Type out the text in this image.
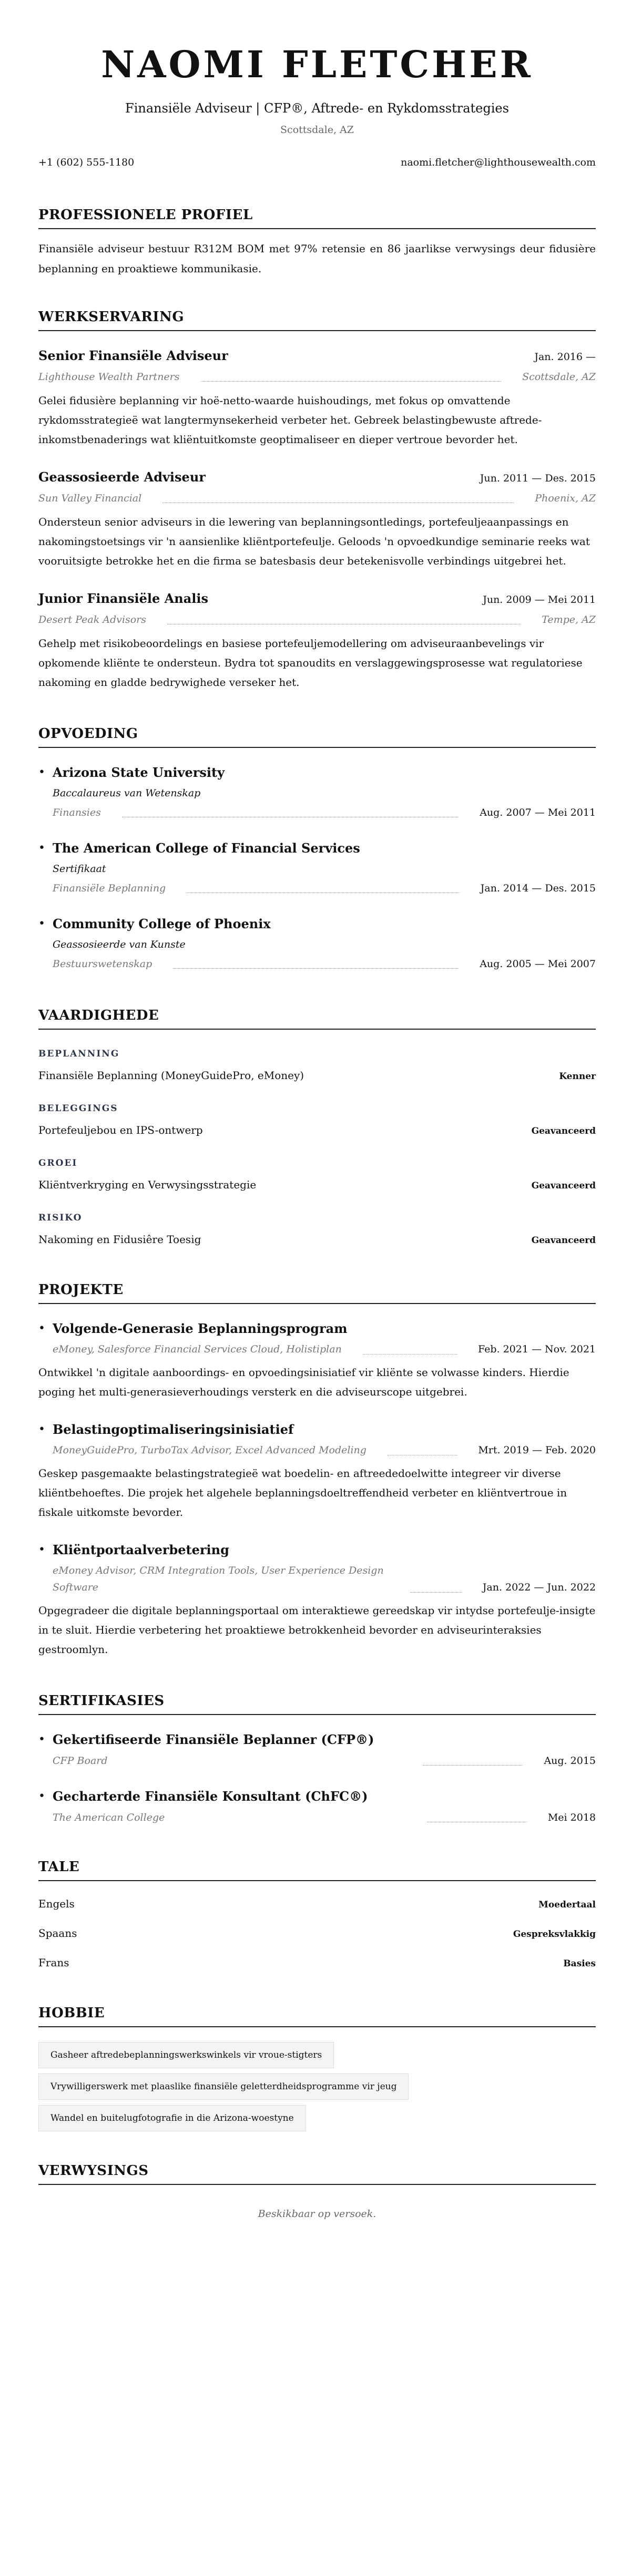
NAOMI FLETCHER
Finansiële Adviseur | CFP®, Aftrede- en Rykdomsstrategies
Scottsdale, AZ
+1 (602) 555-1180	naomi.fletcher@lighthousewealth.com
PROFESSIONELE PROFIEL

Finansiële adviseur bestuur R312M BOM met 97% retensie en 86 jaarlikse verwysings deur fidusière beplanning en proaktiewe kommunikasie.

WERKSERVARING
Senior Finansiële Adviseur	Jan. 2016 —
Lighthouse Wealth Partners	Scottsdale, AZ
Gelei fidusière beplanning vir hoë-netto-waarde huishoudings, met fokus op omvattende rykdomsstrategieë wat langtermynsekerheid verbeter het. Gebreek belastingbewuste aftrede-inkomstbenaderings wat kliëntuitkomste geoptimaliseer en dieper vertroue bevorder het.
Geassosieerde Adviseur	Jun. 2011 — Des. 2015
Sun Valley Financial	Phoenix, AZ
Ondersteun senior adviseurs in die lewering van beplanningsontledings, portefeuljeaanpassings en nakomingstoetsings vir 'n aansienlike kliëntportefeulje. Geloods 'n opvoedkundige seminarie reeks wat vooruitsigte betrokke het en die firma se batesbasis deur betekenisvolle verbindings uitgebrei het.
Junior Finansiële Analis	Jun. 2009 — Mei 2011
Desert Peak Advisors	Tempe, AZ
Gehelp met risikobeoordelings en basiese portefeuljemodellering om adviseuraanbevelings vir opkomende kliënte te ondersteun. Bydra tot spanoudits en verslaggewingsprosesse wat regulatoriese nakoming en gladde bedrywighede verseker het.
OPVOEDING
• Arizona State University
Baccalaureus van Wetenskap
Finansies	Aug. 2007 — Mei 2011
• The American College of Financial Services
Sertifikaat
Finansiële Beplanning	Jan. 2014 — Des. 2015
• Community College of Phoenix
Geassosieerde van Kunste
Bestuurswetenskap	Aug. 2005 — Mei 2007
VAARDIGHEDE
BEPLANNING
Finansiële Beplanning (MoneyGuidePro, eMoney)	Kenner
BELEGGINGS
Portefeuljebou en IPS-ontwerp	Geavanceerd
GROEI
Kliëntverkryging en Verwysingsstrategie	Geavanceerd
RISIKO
Nakoming en Fidusiêre Toesig	Geavanceerd
PROJEKTE
• Volgende-Generasie Beplanningsprogram
eMoney, Salesforce Financial Services Cloud, Holistiplan	Feb. 2021 — Nov. 2021
Ontwikkel 'n digitale aanboordings- en opvoedingsinisiatief vir kliënte se volwasse kinders. Hierdie poging het multi-generasieverhoudings versterk en die adviseurscope uitgebrei.
• Belastingoptimaliseringsinisiatief
MoneyGuidePro, TurboTax Advisor, Excel Advanced Modeling	Mrt. 2019 — Feb. 2020
Geskep pasgemaakte belastingstrategieë wat boedelin- en aftreededoelwitte integreer vir diverse kliëntbehoeftes. Die projek het algehele beplanningsdoeltreffendheid verbeter en kliëntvertroue in fiskale uitkomste bevorder.
• Kliëntportaalverbetering
eMoney Advisor, CRM Integration Tools, User Experience Design Software	Jan. 2022 — Jun. 2022
Opgegradeer die digitale beplanningsportaal om interaktiewe gereedskap vir intydse portefeulje-insigte in te sluit. Hierdie verbetering het proaktiewe betrokkenheid bevorder en adviseurinteraksies gestroomlyn.
SERTIFIKASIES
• Gekertifiseerde Finansiële Beplanner (CFP®)
CFP Board	Aug. 2015
• Gecharterde Finansiële Konsultant (ChFC®)
The American College	Mei 2018
TALE
Engels	Moedertaal
Spaans	Gespreksvlakkig
Frans	Basies
HOBBIE
Gasheer aftredebeplanningswerkswinkels vir vroue-stigters
Vrywilligerswerk met plaaslike finansiële geletterdheidsprogramme vir jeug
Wandel en buitelugfotografie in die Arizona-woestyne
VERWYSINGS
Beskikbaar op versoek.
